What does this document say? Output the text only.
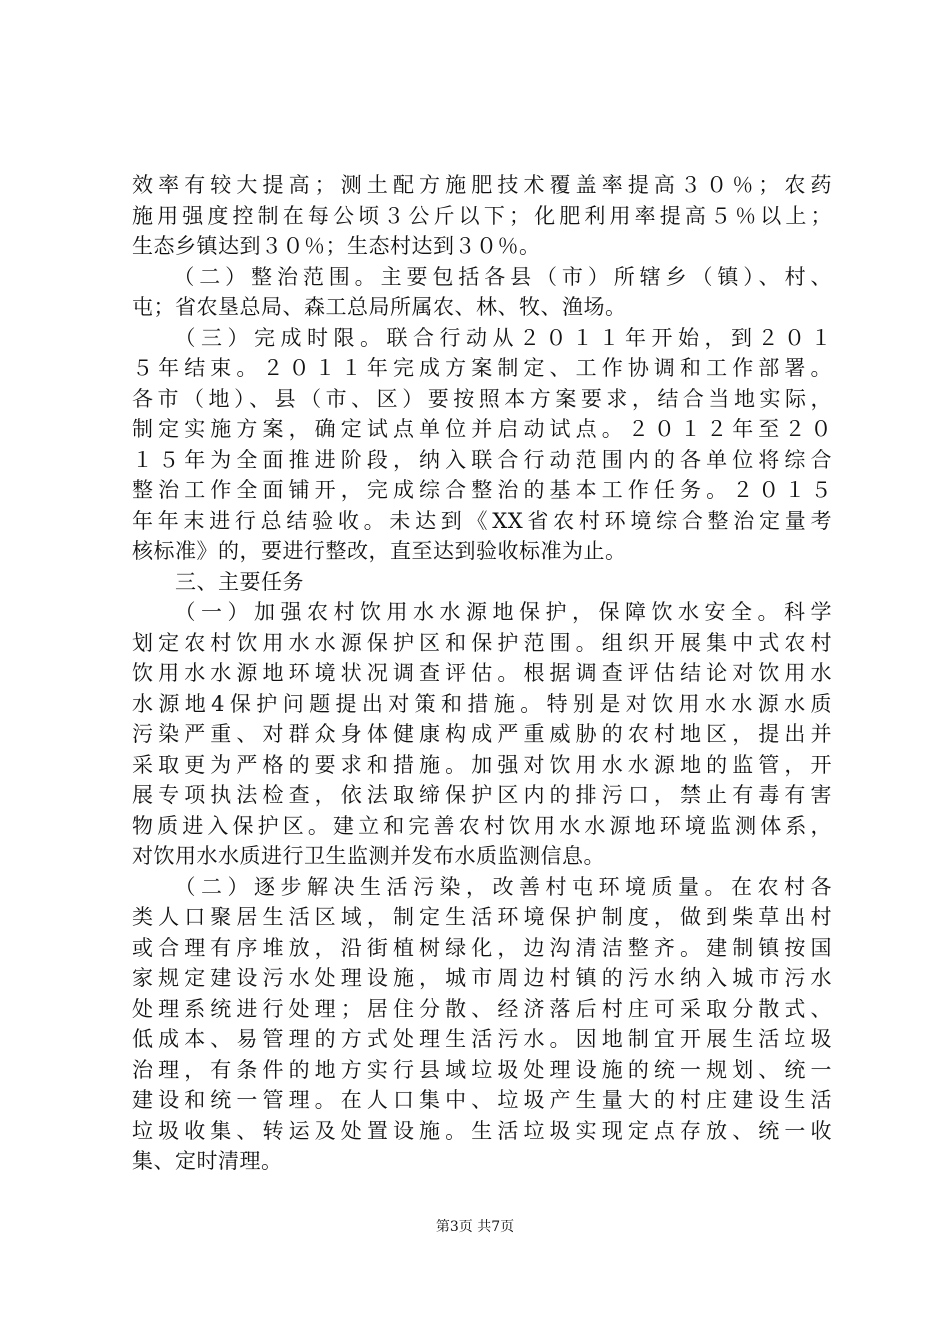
效率有较大提高；测土配方施肥技术覆盖率提高３０％；农药
施用强度控制在每公顷３公斤以下；化肥利用率提高５％以上；
生态乡镇达到３０％；生态村达到３０％。
　　（二）整治范围。主要包括各县（市）所辖乡（镇）、村、
屯；省农垦总局、森工总局所属农、林、牧、渔场。
　　（三）完成时限。联合行动从２０１１年开始，到２０１
５年结束。２０１１年完成方案制定、工作协调和工作部署。
各市（地）、县（市、区）要按照本方案要求，结合当地实际，
制定实施方案，确定试点单位并启动试点。２０１２年至２０
１５年为全面推进阶段，纳入联合行动范围内的各单位将综合
整治工作全面铺开，完成综合整治的基本工作任务。２０１５
年年末进行总结验收。未达到《XX省农村环境综合整治定量考
核标准》的，要进行整改，直至达到验收标准为止。
　　三、主要任务
　　（一）加强农村饮用水水源地保护，保障饮水安全。科学
划定农村饮用水水源保护区和保护范围。组织开展集中式农村
饮用水水源地环境状况调查评估。根据调查评估结论对饮用水
水源地4保护问题提出对策和措施。特别是对饮用水水源水质
污染严重、对群众身体健康构成严重威胁的农村地区，提出并
采取更为严格的要求和措施。加强对饮用水水源地的监管，开
展专项执法检查，依法取缔保护区内的排污口，禁止有毒有害
物质进入保护区。建立和完善农村饮用水水源地环境监测体系，
对饮用水水质进行卫生监测并发布水质监测信息。
　　（二）逐步解决生活污染，改善村屯环境质量。在农村各
类人口聚居生活区域，制定生活环境保护制度，做到柴草出村
或合理有序堆放，沿街植树绿化，边沟清洁整齐。建制镇按国
家规定建设污水处理设施，城市周边村镇的污水纳入城市污水
处理系统进行处理；居住分散、经济落后村庄可采取分散式、
低成本、易管理的方式处理生活污水。因地制宜开展生活垃圾
治理，有条件的地方实行县域垃圾处理设施的统一规划、统一
建设和统一管理。在人口集中、垃圾产生量大的村庄建设生活
垃圾收集、转运及处置设施。生活垃圾实现定点存放、统一收
集、定时清理。
第3页 共7页
